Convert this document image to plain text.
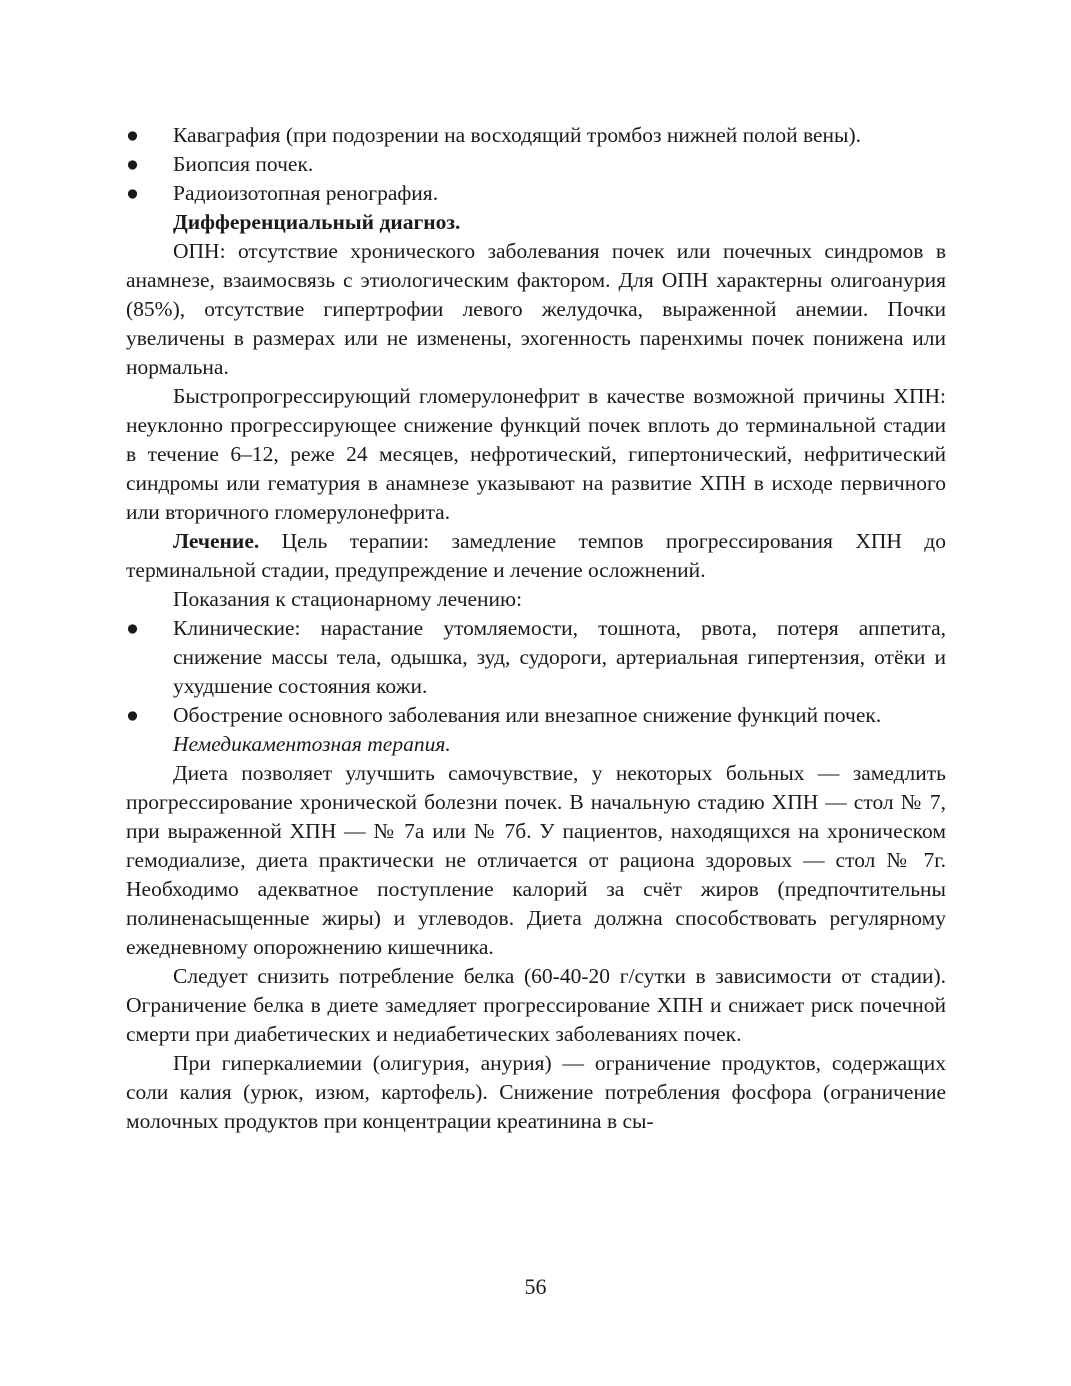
●	Каваграфия (при подозрении на восходящий тромбоз нижней полой вены).

●	Биопсия почек.

●	Радиоизотопная ренография.

Дифференциальный диагноз.

ОПН: отсутствие хронического заболевания почек или почечных синдромов в анамнезе, взаимосвязь с этиологическим фактором. Для ОПН характерны олигоанурия (85%), отсутствие гипертрофии левого желудочка, выраженной анемии. Почки увеличены в размерах или не изменены, эхогенность паренхимы почек понижена или нормальна.

Быстропрогрессирующий гломерулонефрит в качестве возможной причины ХПН: неуклонно прогрессирующее снижение функций почек вплоть до терминальной стадии в течение 6–12, реже 24 месяцев, нефротический, гипертонический, нефритический синдромы или гематурия в анамнезе указывают на развитие ХПН в исходе первичного или вторичного гломерулонефрита.

Лечение. Цель терапии: замедление темпов прогрессирования ХПН до терминальной стадии, предупреждение и лечение осложнений.

Показания к стационарному лечению:

●	Клинические: нарастание утомляемости, тошнота, рвота, потеря аппетита, снижение массы тела, одышка, зуд, судороги, артериальная гипертензия, отёки и ухудшение состояния кожи.

●	Обострение основного заболевания или внезапное снижение функций почек.

Немедикаментозная терапия.

Диета позволяет улучшить самочувствие, у некоторых больных — замедлить прогрессирование хронической болезни почек. В начальную стадию ХПН — стол № 7, при выраженной ХПН — № 7а или № 7б. У пациентов, находящихся на хроническом гемодиализе, диета практически не отличается от рациона здоровых — стол № 7г. Необходимо адекватное поступление калорий за счёт жиров (предпочтительны полиненасыщенные жиры) и углеводов. Диета должна способствовать регулярному ежедневному опорожнению кишечника.

Следует снизить потребление белка (60-40-20 г/сутки в зависимости от стадии). Ограничение белка в диете замедляет прогрессирование ХПН и снижает риск почечной смерти при диабетических и недиабетических заболеваниях почек.

При гиперкалиемии (олигурия, анурия) — ограничение продуктов, содержащих соли калия (урюк, изюм, картофель). Снижение потребления фосфора (ограничение молочных продуктов при концентрации креатинина в сы-

56
